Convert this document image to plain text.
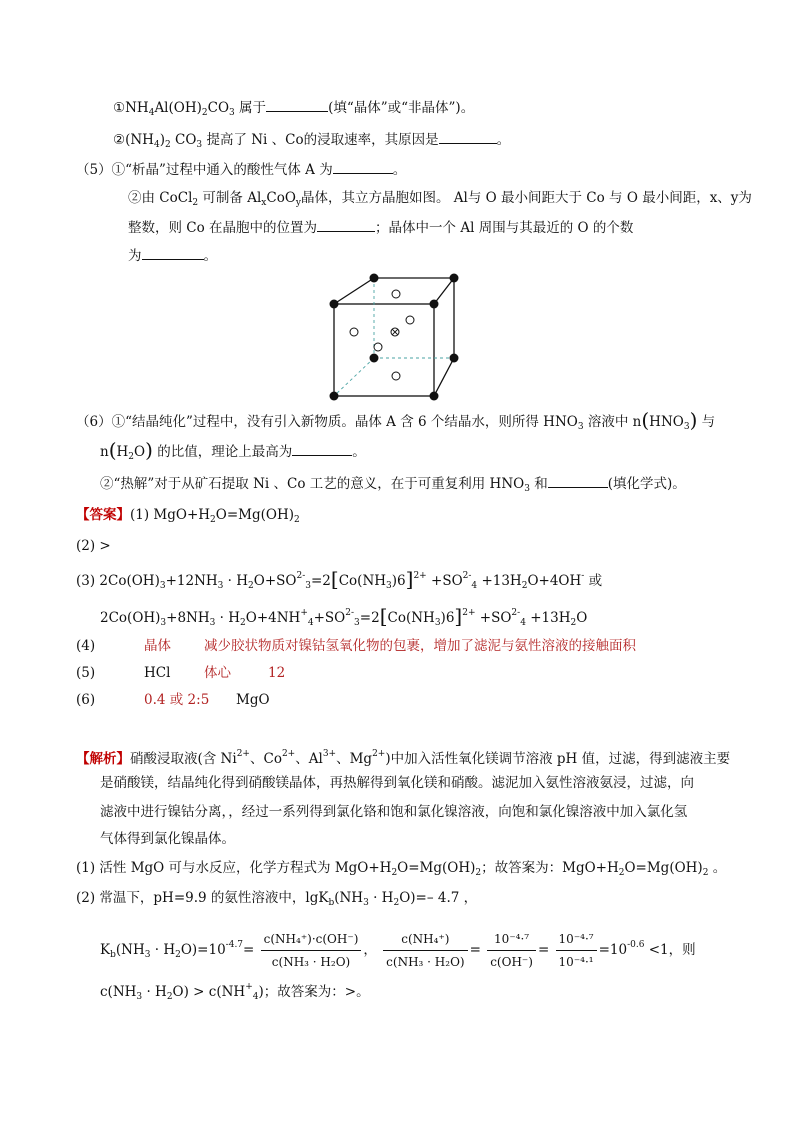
$①NH_4Al(OH)_2CO_3$ 属于	(填“晶体”或“非晶体”)。
$②(NH_4)_2$ $CO_3$ 提高了 Ni 、Co的浸取速率，其原因是	。
（5）①“析晶”过程中通入的酸性气体 A 为	。
②由 CoCl$_2$ 可制备 $Al_xCoO_y$晶体，其立方晶胞如图。 Al与 O 最小间距大于 Co 与 O 最小间距，x、y为
整数，则 Co 在晶胞中的位置为	；晶体中一个 Al 周围与其最近的 O 的个数
为	。
（6）①“结晶纯化”过程中，没有引入新物质。晶体 A 含 6 个结晶水，则所得 $HNO_3$ 溶液中 $n(HNO_3)$ 与
$n(H_2O)$ 的比值，理论上最高为	。
②“热解”对于从矿石提取 Ni 、Co 工艺的意义，在于可重复利用 $HNO_3$ 和	(填化学式)。
【答案】(1) $MgO+H_2O=Mg(OH)_2$
(2) >
(3) $2Co(OH)_3+12NH_3 \cdot H_2O+SO^{2-}_3=2[Co(NH_3)6]^{2+} +SO^{2-}_4 +13H_2O+4OH^-$ 或
$2Co(OH)_3+8NH_3 \cdot H_2O+4NH^+_4+SO^{2-}_3=2[Co(NH_3)6]^{2+} +SO^{2-}_4 +13H_2O$
(4)	晶体 减少胶状物质对镍钴氢氧化物的包裹，增加了滤泥与氨性溶液的接触面积
(5)	HCl 体心	12
(6)	0.4 或 2:5 MgO
【解析】硝酸浸取液(含 $Ni^{2+}$、$Co^{2+}$、$Al^{3+}$、$Mg^{2+}$)中加入活性氧化镁调节溶液 pH 值，过滤，得到滤液主要
是硝酸镁，结晶纯化得到硝酸镁晶体，再热解得到氧化镁和硝酸。滤泥加入氨性溶液氨浸，过滤，向
滤液中进行镍钴分离，，经过一系列得到氯化铬和饱和氯化镍溶液，向饱和氯化镍溶液中加入氯化氢
气体得到氯化镍晶体。
(1) 活性 MgO 可与水反应，化学方程式为 $MgO+H_2O=Mg(OH)_2$；故答案为：$MgO+H_2O=Mg(OH)_2$ 。
(2) 常温下，pH=9.9 的氨性溶液中，$\lg K_b(NH_3 \cdot H_2O)=-$ 4.7 ，
$K_b(NH_3 \cdot H_2O)=10^{-4.7}= \frac{\text{c(NH₄⁺)·c(OH⁻)}}{\text{c(NH₃ · H₂O)}}$ ， $\frac{\text{c(NH₄⁺)}}{\text{c(NH₃ · H₂O)}} = \frac{\text{10⁻⁴·⁷}}{c(OH^-)} = \frac{\text{10⁻⁴·⁷}}{\text{10⁻⁴·¹}} =10^{-0.6} <1$，则
$c(NH_3 \cdot H_2O) > c(NH^+_4)$；故答案为：>。
